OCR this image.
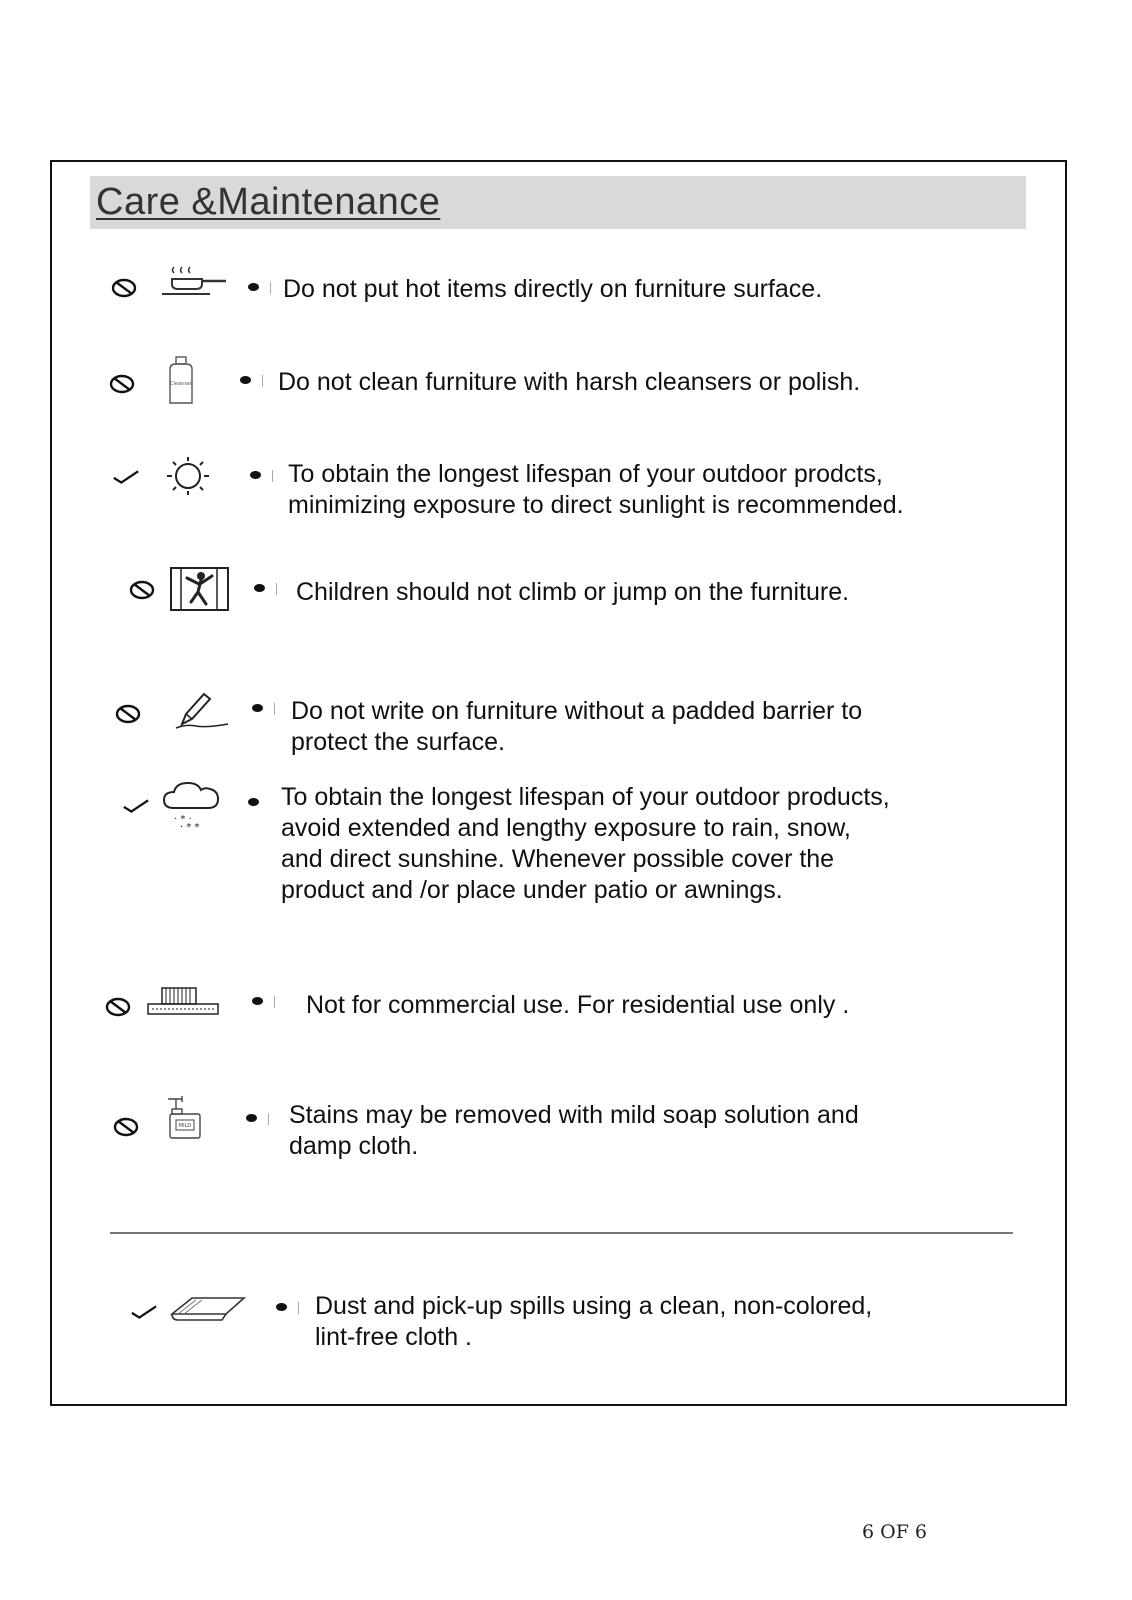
Care &Maintenance
Do not put hot items directly on furniture surface.
Cleanser	Do not clean furniture with harsh cleansers or polish.
To obtain the longest lifespan of your outdoor prodcts,
minimizing exposure to direct sunlight is recommended.
Children should not climb or jump on the furniture.
Do not write on furniture without a padded barrier to
protect the surface.
· * ·
· * *
To obtain the longest lifespan of your outdoor products,
avoid extended and lengthy exposure to rain, snow,
and direct sunshine. Whenever possible cover the
product and /or place under patio or awnings.
Not for commercial use. For residential use only .
MILD	Stains may be removed with mild soap solution and
damp cloth.
Dust and pick-up spills using a clean, non-colored,
lint-free cloth .
6 OF 6
